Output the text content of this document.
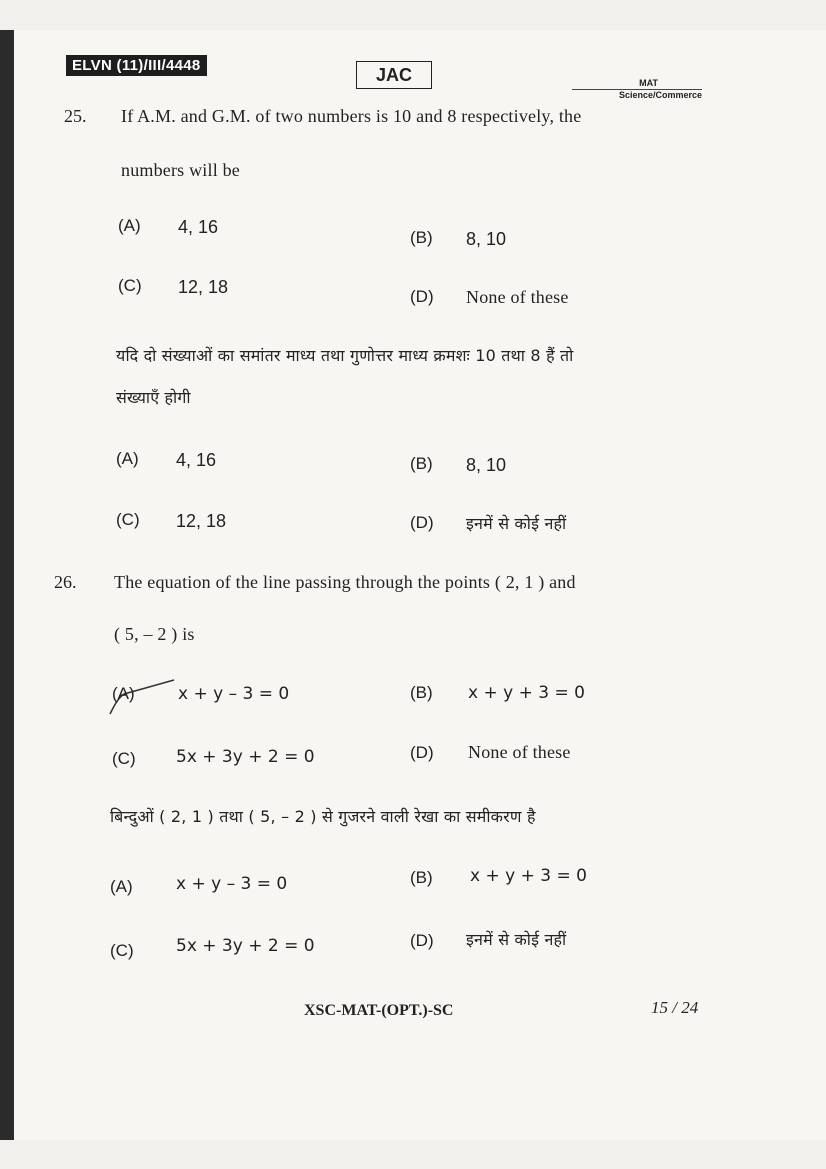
ELVN (11)/III/4448	JAC	MAT
Science/Commerce
25. If A.M. and G.M. of two numbers is 10 and 8 respectively, the
numbers will be
(A) 4, 16
(B) 8, 10
(C) 12, 18	(D) None of these
यदि दो संख्याओं का समांतर माध्य तथा गुणोत्तर माध्य क्रमशः 10 तथा 8 हैं तो
संख्याएँ होगी
(A) 4, 16	(B) 8, 10
(C) 12, 18	(D) इनमें से कोई नहीं
26. The equation of the line passing through the points ( 2, 1 ) and
( 5, – 2 ) is
(A)	x + y – 3 = 0	(B) x + y + 3 = 0
(C) 5x + 3y + 2 = 0	(D) None of these
बिन्दुओं ( 2, 1 ) तथा ( 5, – 2 ) से गुजरने वाली रेखा का समीकरण है
(A)	x + y – 3 = 0	(B) x + y + 3 = 0
(C) 5x + 3y + 2 = 0	(D) इनमें से कोई नहीं
XSC-MAT-(OPT.)-SC	15 / 24
